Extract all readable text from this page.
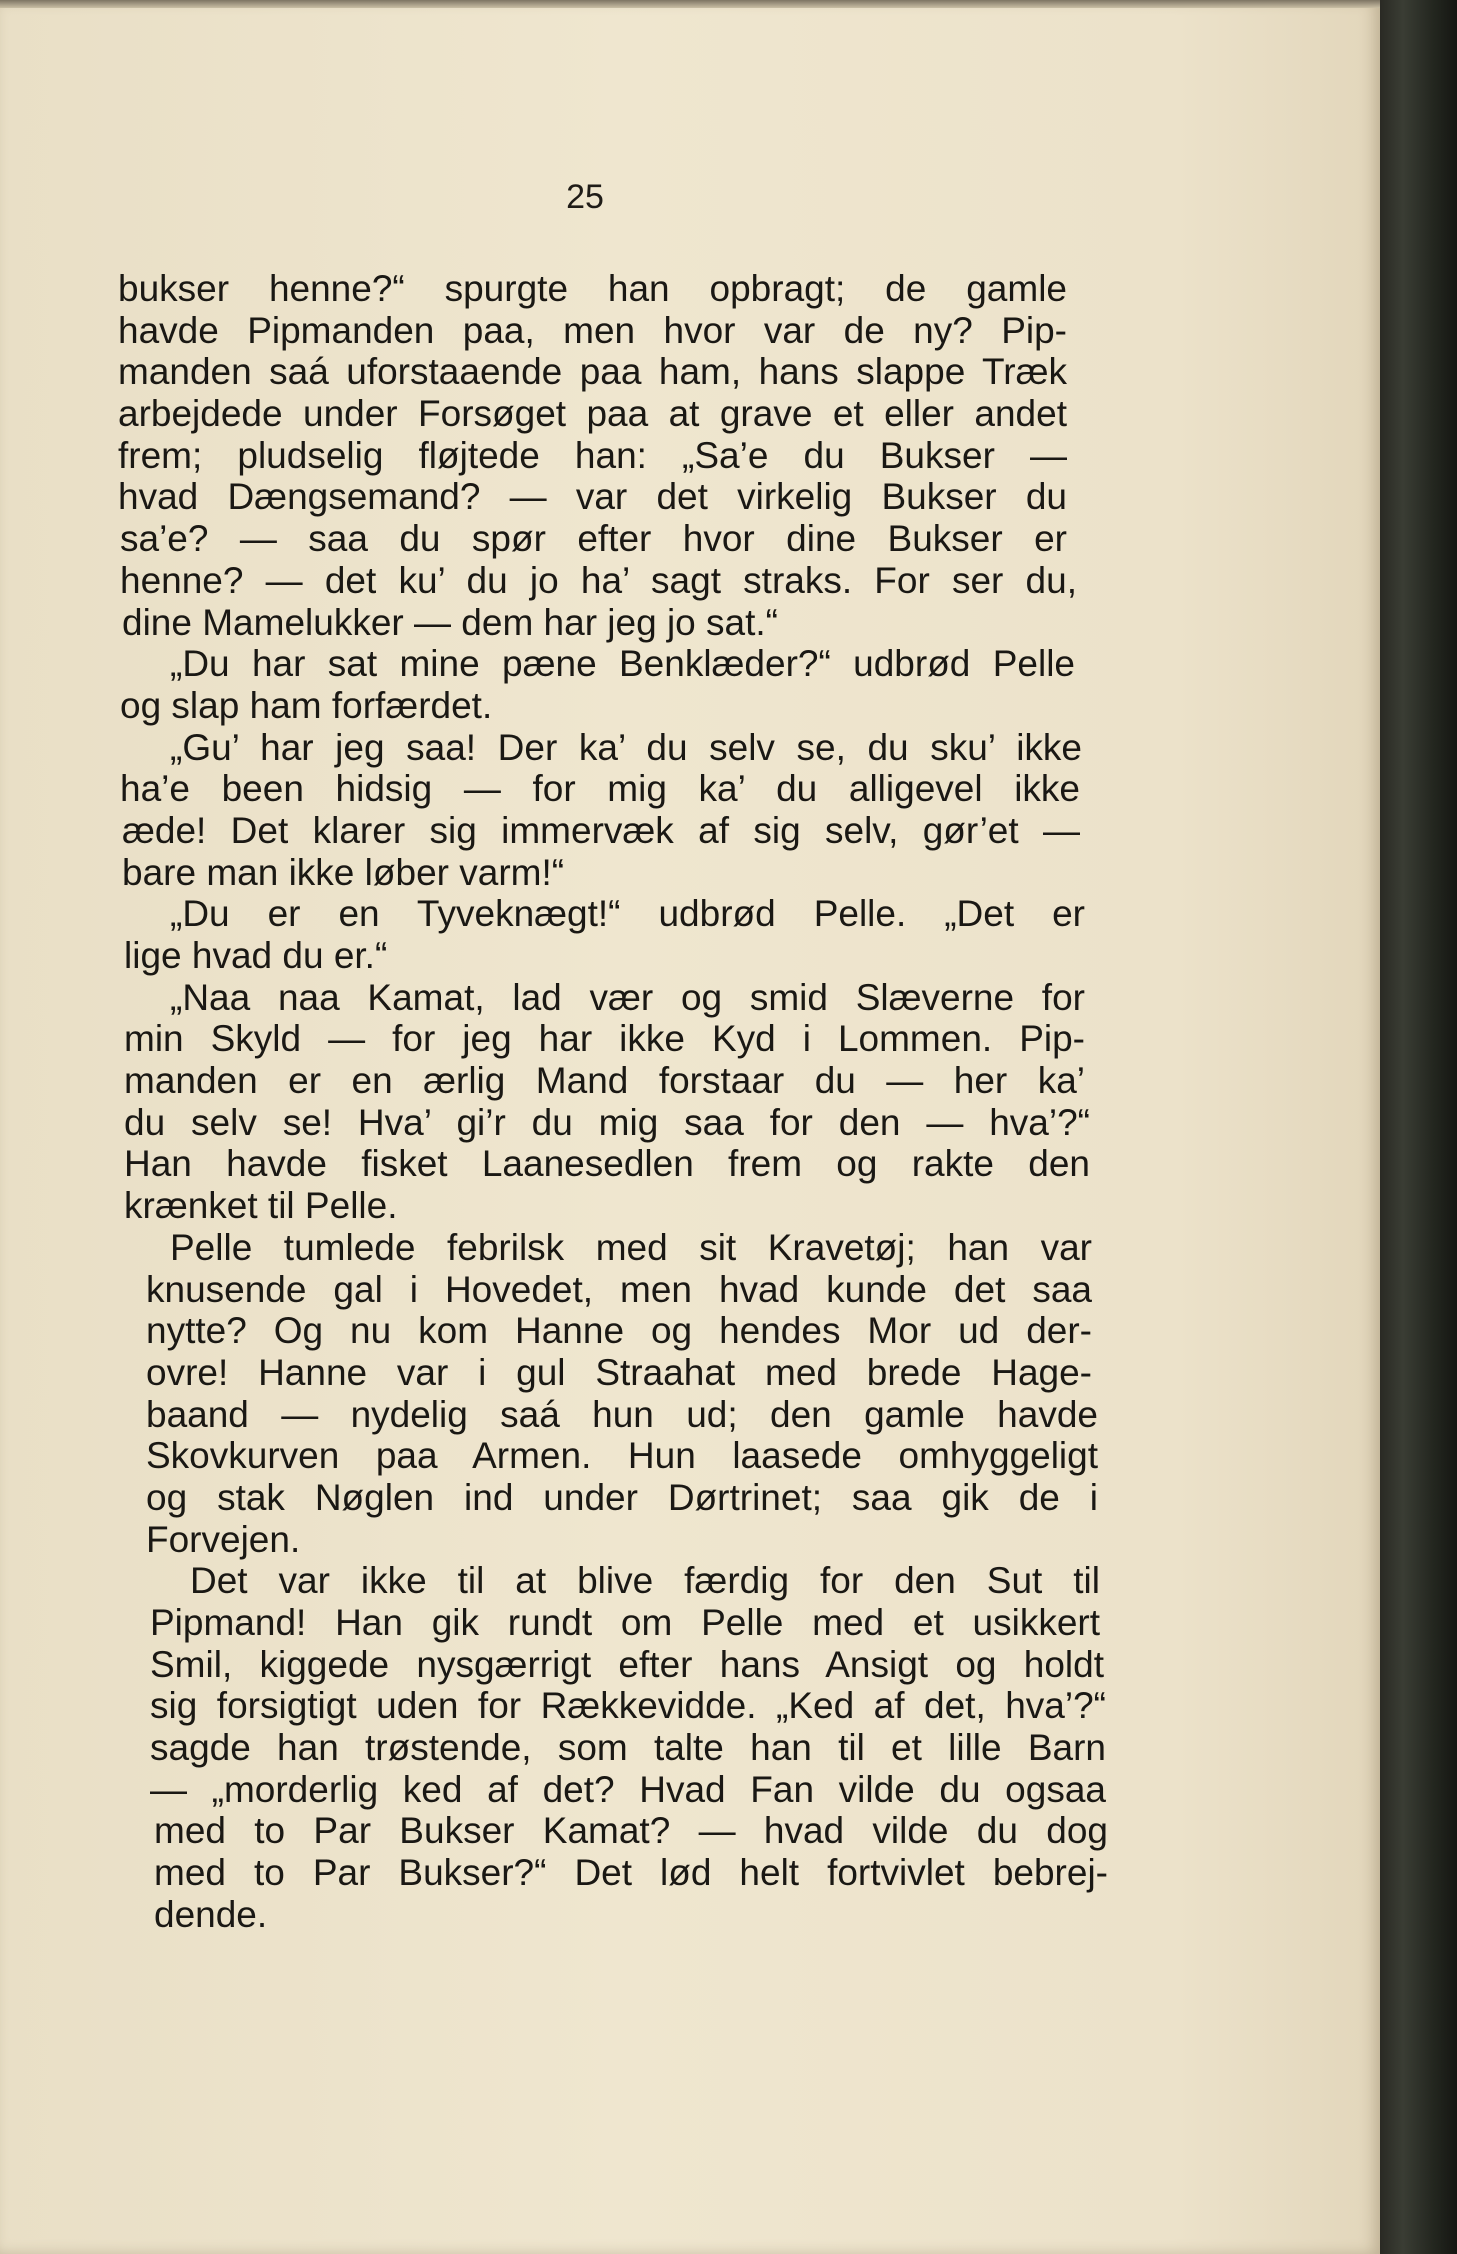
25
bukser henne?“ spurgte han opbragt; de gamle
havde Pipmanden paa, men hvor var de ny? Pip-
manden saá uforstaaende paa ham, hans slappe Træk
arbejdede under Forsøget paa at grave et eller andet
frem; pludselig fløjtede han: „Sa’e du Bukser —
hvad Dængsemand? — var det virkelig Bukser du
sa’e? — saa du spør efter hvor dine Bukser er
henne? — det ku’ du jo ha’ sagt straks. For ser du,
dine Mamelukker — dem har jeg jo sat.“
„Du har sat mine pæne Benklæder?“ udbrød Pelle
og slap ham forfærdet.
„Gu’ har jeg saa! Der ka’ du selv se, du sku’ ikke
ha’e been hidsig — for mig ka’ du alligevel ikke
æde! Det klarer sig immervæk af sig selv, gør’et —
bare man ikke løber varm!“
„Du er en Tyveknægt!“ udbrød Pelle. „Det er
lige hvad du er.“
„Naa naa Kamat, lad vær og smid Slæverne for
min Skyld — for jeg har ikke Kyd i Lommen. Pip-
manden er en ærlig Mand forstaar du — her ka’
du selv se! Hva’ gi’r du mig saa for den — hva’?“
Han havde fisket Laanesedlen frem og rakte den
krænket til Pelle.
Pelle tumlede febrilsk med sit Kravetøj; han var
knusende gal i Hovedet, men hvad kunde det saa
nytte? Og nu kom Hanne og hendes Mor ud der-
ovre! Hanne var i gul Straahat med brede Hage-
baand — nydelig saá hun ud; den gamle havde
Skovkurven paa Armen. Hun laasede omhyggeligt
og stak Nøglen ind under Dørtrinet; saa gik de i
Forvejen.
Det var ikke til at blive færdig for den Sut til
Pipmand! Han gik rundt om Pelle med et usikkert
Smil, kiggede nysgærrigt efter hans Ansigt og holdt
sig forsigtigt uden for Rækkevidde. „Ked af det, hva’?“
sagde han trøstende, som talte han til et lille Barn
— „morderlig ked af det? Hvad Fan vilde du ogsaa
med to Par Bukser Kamat? — hvad vilde du dog
med to Par Bukser?“ Det lød helt fortvivlet bebrej-
dende.
